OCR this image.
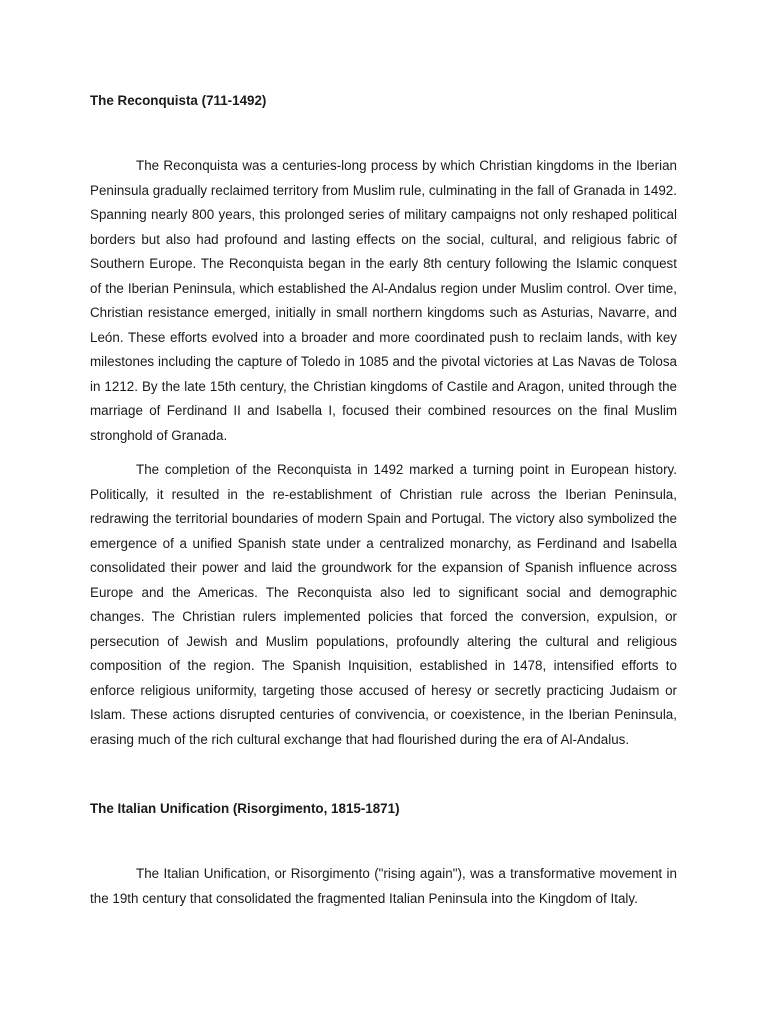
The Reconquista (711-1492)

The Reconquista was a centuries-long process by which Christian kingdoms in the Iberian Peninsula gradually reclaimed territory from Muslim rule, culminating in the fall of Granada in 1492. Spanning nearly 800 years, this prolonged series of military campaigns not only reshaped political borders but also had profound and lasting effects on the social, cultural, and religious fabric of Southern Europe. The Reconquista began in the early 8th century following the Islamic conquest of the Iberian Peninsula, which established the Al-Andalus region under Muslim control. Over time, Christian resistance emerged, initially in small northern kingdoms such as Asturias, Navarre, and León. These efforts evolved into a broader and more coordinated push to reclaim lands, with key milestones including the capture of Toledo in 1085 and the pivotal victories at Las Navas de Tolosa in 1212. By the late 15th century, the Christian kingdoms of Castile and Aragon, united through the marriage of Ferdinand II and Isabella I, focused their combined resources on the final Muslim stronghold of Granada.

The completion of the Reconquista in 1492 marked a turning point in European history. Politically, it resulted in the re-establishment of Christian rule across the Iberian Peninsula, redrawing the territorial boundaries of modern Spain and Portugal. The victory also symbolized the emergence of a unified Spanish state under a centralized monarchy, as Ferdinand and Isabella consolidated their power and laid the groundwork for the expansion of Spanish influence across Europe and the Americas. The Reconquista also led to significant social and demographic changes. The Christian rulers implemented policies that forced the conversion, expulsion, or persecution of Jewish and Muslim populations, profoundly altering the cultural and religious composition of the region. The Spanish Inquisition, established in 1478, intensified efforts to enforce religious uniformity, targeting those accused of heresy or secretly practicing Judaism or Islam. These actions disrupted centuries of convivencia, or coexistence, in the Iberian Peninsula, erasing much of the rich cultural exchange that had flourished during the era of Al-Andalus.

The Italian Unification (Risorgimento, 1815-1871)

The Italian Unification, or Risorgimento ("rising again"), was a transformative movement in the 19th century that consolidated the fragmented Italian Peninsula into the Kingdom of Italy.
